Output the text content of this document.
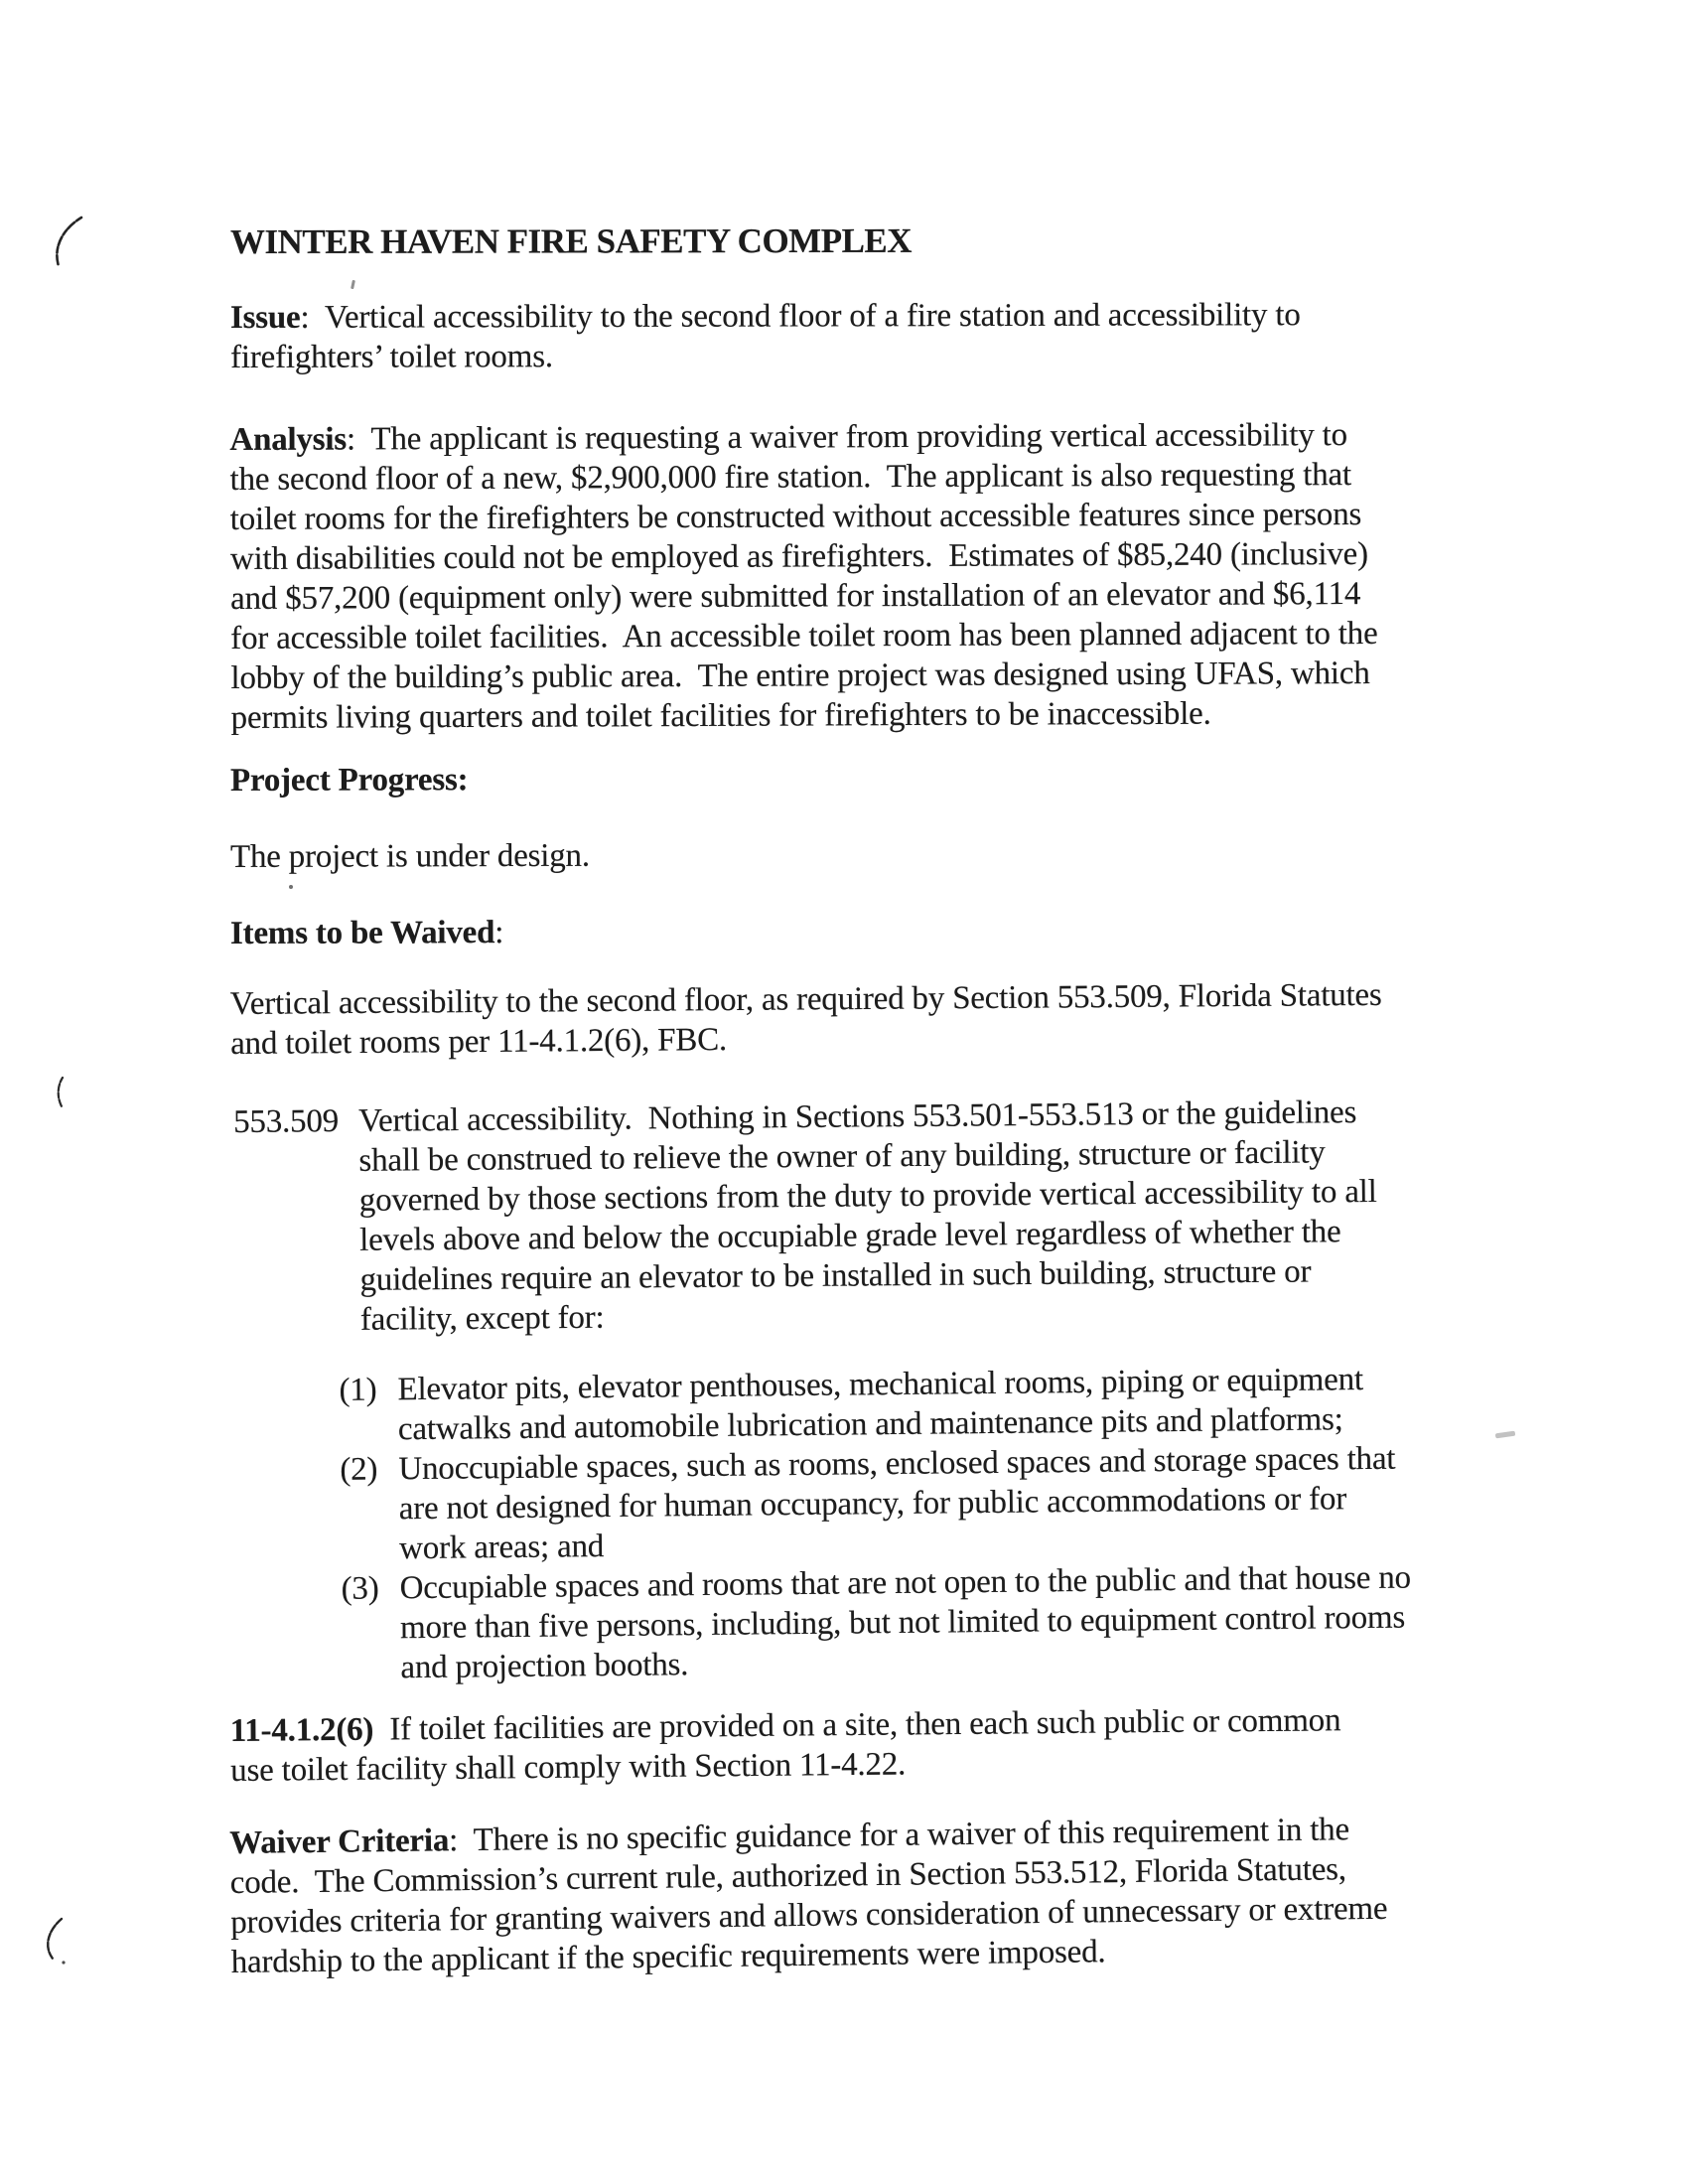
WINTER HAVEN FIRE SAFETY COMPLEX
Issue:  Vertical accessibility to the second floor of a fire station and accessibility to
firefighters’ toilet rooms.
Analysis:  The applicant is requesting a waiver from providing vertical accessibility to
the second floor of a new, $2,900,000 fire station.  The applicant is also requesting that
toilet rooms for the firefighters be constructed without accessible features since persons
with disabilities could not be employed as firefighters.  Estimates of $85,240 (inclusive)
and $57,200 (equipment only) were submitted for installation of an elevator and $6,114
for accessible toilet facilities.  An accessible toilet room has been planned adjacent to the
lobby of the building’s public area.  The entire project was designed using UFAS, which
permits living quarters and toilet facilities for firefighters to be inaccessible.
Project Progress:
The project is under design.
Items to be Waived:
Vertical accessibility to the second floor, as required by Section 553.509, Florida Statutes
and toilet rooms per 11-4.1.2(6), FBC.
553.509 Vertical accessibility.  Nothing in Sections 553.501-553.513 or the guidelines
shall be construed to relieve the owner of any building, structure or facility
governed by those sections from the duty to provide vertical accessibility to all
levels above and below the occupiable grade level regardless of whether the
guidelines require an elevator to be installed in such building, structure or
facility, except for:
(1) Elevator pits, elevator penthouses, mechanical rooms, piping or equipment
catwalks and automobile lubrication and maintenance pits and platforms;
(2) Unoccupiable spaces, such as rooms, enclosed spaces and storage spaces that
are not designed for human occupancy, for public accommodations or for
work areas; and
(3) Occupiable spaces and rooms that are not open to the public and that house no
more than five persons, including, but not limited to equipment control rooms
and projection booths.
11-4.1.2(6)  If toilet facilities are provided on a site, then each such public or common
use toilet facility shall comply with Section 11-4.22.
Waiver Criteria:  There is no specific guidance for a waiver of this requirement in the
code.  The Commission’s current rule, authorized in Section 553.512, Florida Statutes,
provides criteria for granting waivers and allows consideration of unnecessary or extreme
hardship to the applicant if the specific requirements were imposed.
